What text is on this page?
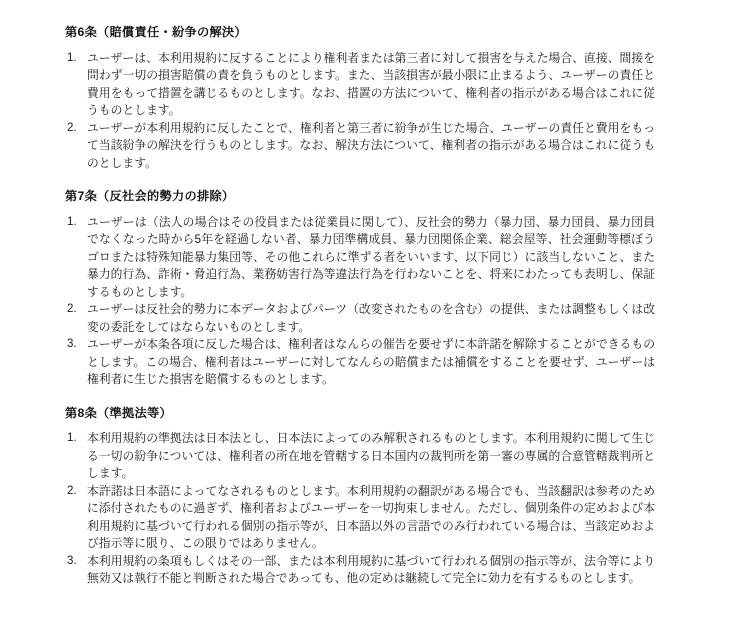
第6条（賠償責任・紛争の解決）
1. ユーザーは、本利用規約に反することにより権利者または第三者に対して損害を与えた場合、直接、間接を問わず一切の損害賠償の責を負うものとします。また、当該損害が最小限に止まるよう、ユーザーの責任と費用をもって措置を講じるものとします。なお、措置の方法について、権利者の指示がある場合はこれに従うものとします。

2. ユーザーが本利用規約に反したことで、権利者と第三者に紛争が生じた場合、ユーザーの責任と費用をもって当該紛争の解決を行うものとします。なお、解決方法について、権利者の指示がある場合はこれに従うものとします。

第7条（反社会的勢力の排除）
1. ユーザーは（法人の場合はその役員または従業員に関して）、反社会的勢力（暴力団、暴力団員、暴力団員でなくなった時から5年を経過しない者、暴力団準構成員、暴力団関係企業、総会屋等、社会運動等標ぼうゴロまたは特殊知能暴力集団等、その他これらに準ずる者をいいます、以下同じ）に該当しないこと、また暴力的行為、詐術・脅迫行為、業務妨害行為等違法行為を行わないことを、将来にわたっても表明し、保証するものとします。

2. ユーザーは反社会的勢力に本データおよびパーツ（改変されたものを含む）の提供、または調整もしくは改変の委託をしてはならないものとします。

3. ユーザーが本条各項に反した場合は、権利者はなんらの催告を要せずに本許諾を解除することができるものとします。この場合、権利者はユーザーに対してなんらの賠償または補償をすることを要せず、ユーザーは権利者に生じた損害を賠償するものとします。

第8条（準拠法等）
1. 本利用規約の準拠法は日本法とし、日本法によってのみ解釈されるものとします。本利用規約に関して生じる一切の紛争については、権利者の所在地を管轄する日本国内の裁判所を第一審の専属的合意管轄裁判所とします。

2. 本許諾は日本語によってなされるものとします。本利用規約の翻訳がある場合でも、当該翻訳は参考のために添付されたものに過ぎず、権利者およびユーザーを一切拘束しません。ただし、個別条件の定めおよび本利用規約に基づいて行われる個別の指示等が、日本語以外の言語でのみ行われている場合は、当該定めおよび指示等に限り、この限りではありません。

3. 本利用規約の条項もしくはその一部、または本利用規約に基づいて行われる個別の指示等が、法令等により無効又は執行不能と判断された場合であっても、他の定めは継続して完全に効力を有するものとします。
